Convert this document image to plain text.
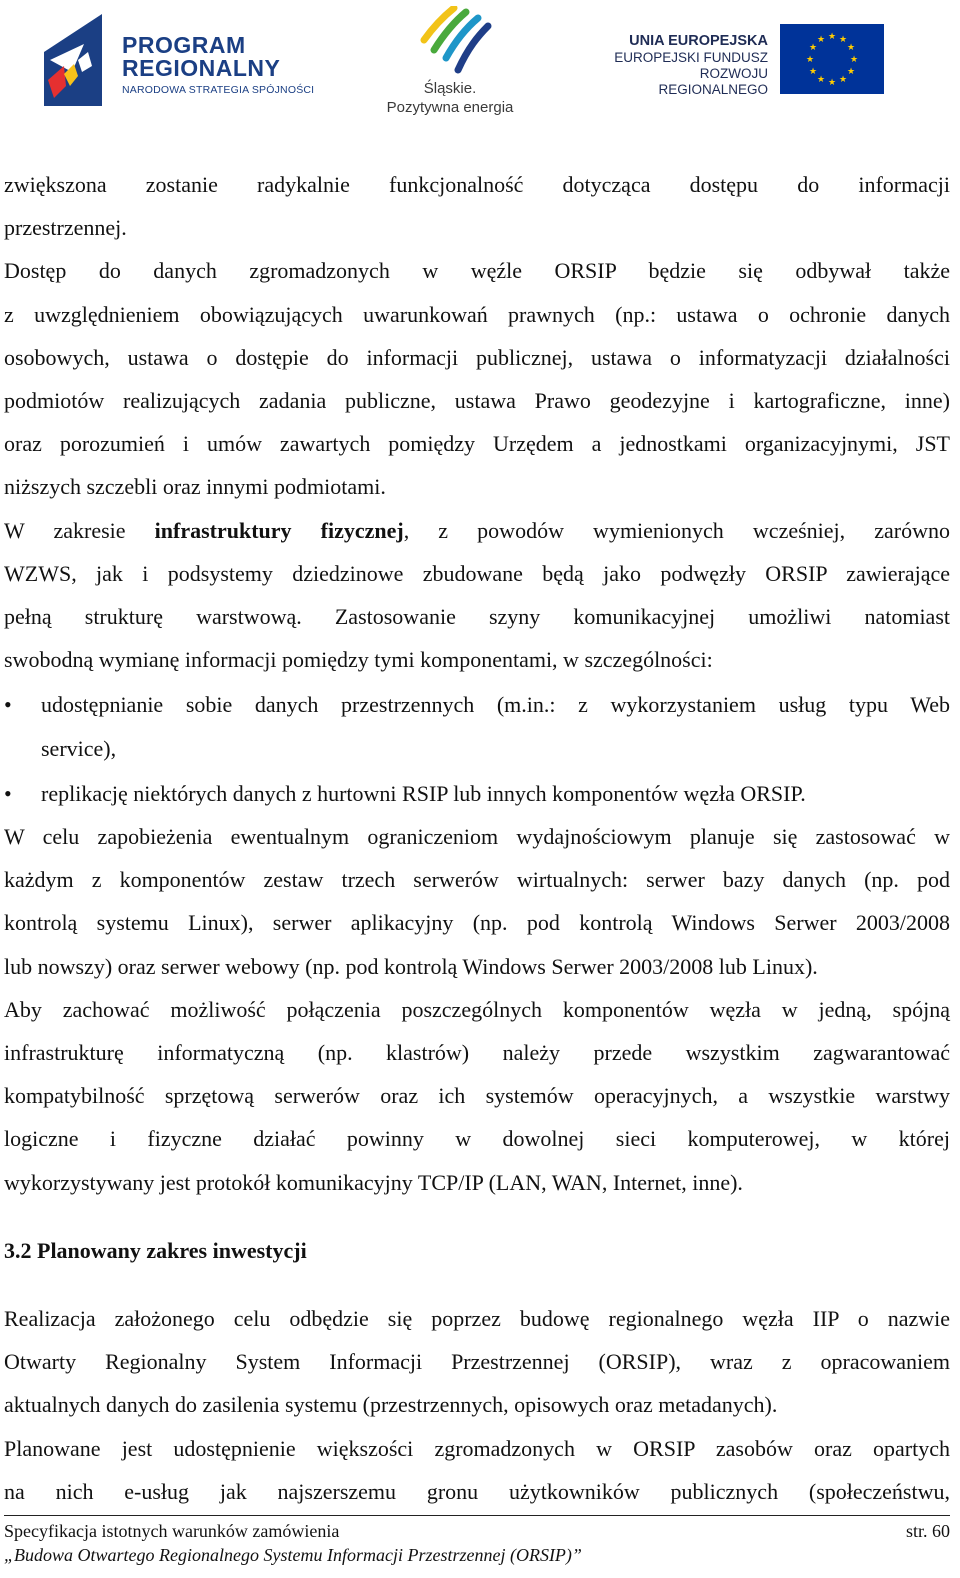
PROGRAM
REGIONALNY
NARODOWA STRATEGIA SPÓJNOŚCI	Śląskie.
Pozytywna energia
UNIA EUROPEJSKA
EUROPEJSKI FUNDUSZ
ROZWOJU REGIONALNEGO
★ ★
★
★
★
★
★
★
★
★
★
★

zwiększona zostanie radykalnie funkcjonalność dotycząca dostępu do informacji

przestrzennej.

Dostęp do danych zgromadzonych w węźle ORSIP będzie się odbywał także

z uwzględnieniem obowiązujących uwarunkowań prawnych (np.: ustawa o ochronie danych

osobowych, ustawa o dostępie do informacji publicznej, ustawa o informatyzacji działalności

podmiotów realizujących zadania publiczne, ustawa Prawo geodezyjne i kartograficzne, inne)

oraz porozumień i umów zawartych pomiędzy Urzędem a jednostkami organizacyjnymi, JST

niższych szczebli oraz innymi podmiotami.

W zakresie infrastruktury fizycznej, z powodów wymienionych wcześniej, zarówno

WZWS, jak i podsystemy dziedzinowe zbudowane będą jako podwęzły ORSIP zawierające

pełną strukturę warstwową. Zastosowanie szyny komunikacyjnej umożliwi natomiast

swobodną wymianę informacji pomiędzy tymi komponentami, w szczególności:

• udostępnianie sobie danych przestrzennych (m.in.: z wykorzystaniem usług typu Web

service),

• replikację niektórych danych z hurtowni RSIP lub innych komponentów węzła ORSIP.

W celu zapobieżenia ewentualnym ograniczeniom wydajnościowym planuje się zastosować w

każdym z komponentów zestaw trzech serwerów wirtualnych: serwer bazy danych (np. pod

kontrolą systemu Linux), serwer aplikacyjny (np. pod kontrolą Windows Serwer 2003/2008

lub nowszy) oraz serwer webowy (np. pod kontrolą Windows Serwer 2003/2008 lub Linux).

Aby zachować możliwość połączenia poszczególnych komponentów węzła w jedną, spójną

infrastrukturę informatyczną (np. klastrów) należy przede wszystkim zagwarantować

kompatybilność sprzętową serwerów oraz ich systemów operacyjnych, a wszystkie warstwy

logiczne i fizyczne działać powinny w dowolnej sieci komputerowej, w której

wykorzystywany jest protokół komunikacyjny TCP/IP (LAN, WAN, Internet, inne).

3.2 Planowany zakres inwestycji

Realizacja założonego celu odbędzie się poprzez budowę regionalnego węzła IIP o nazwie

Otwarty Regionalny System Informacji Przestrzennej (ORSIP), wraz z opracowaniem

aktualnych danych do zasilenia systemu (przestrzennych, opisowych oraz metadanych).

Planowane jest udostępnienie większości zgromadzonych w ORSIP zasobów oraz opartych

na nich e-usług jak najszerszemu gronu użytkowników publicznych (społeczeństwu,

Specyfikacja istotnych warunków zamówienia	str. 60
„Budowa Otwartego Regionalnego Systemu Informacji Przestrzennej (ORSIP)”
